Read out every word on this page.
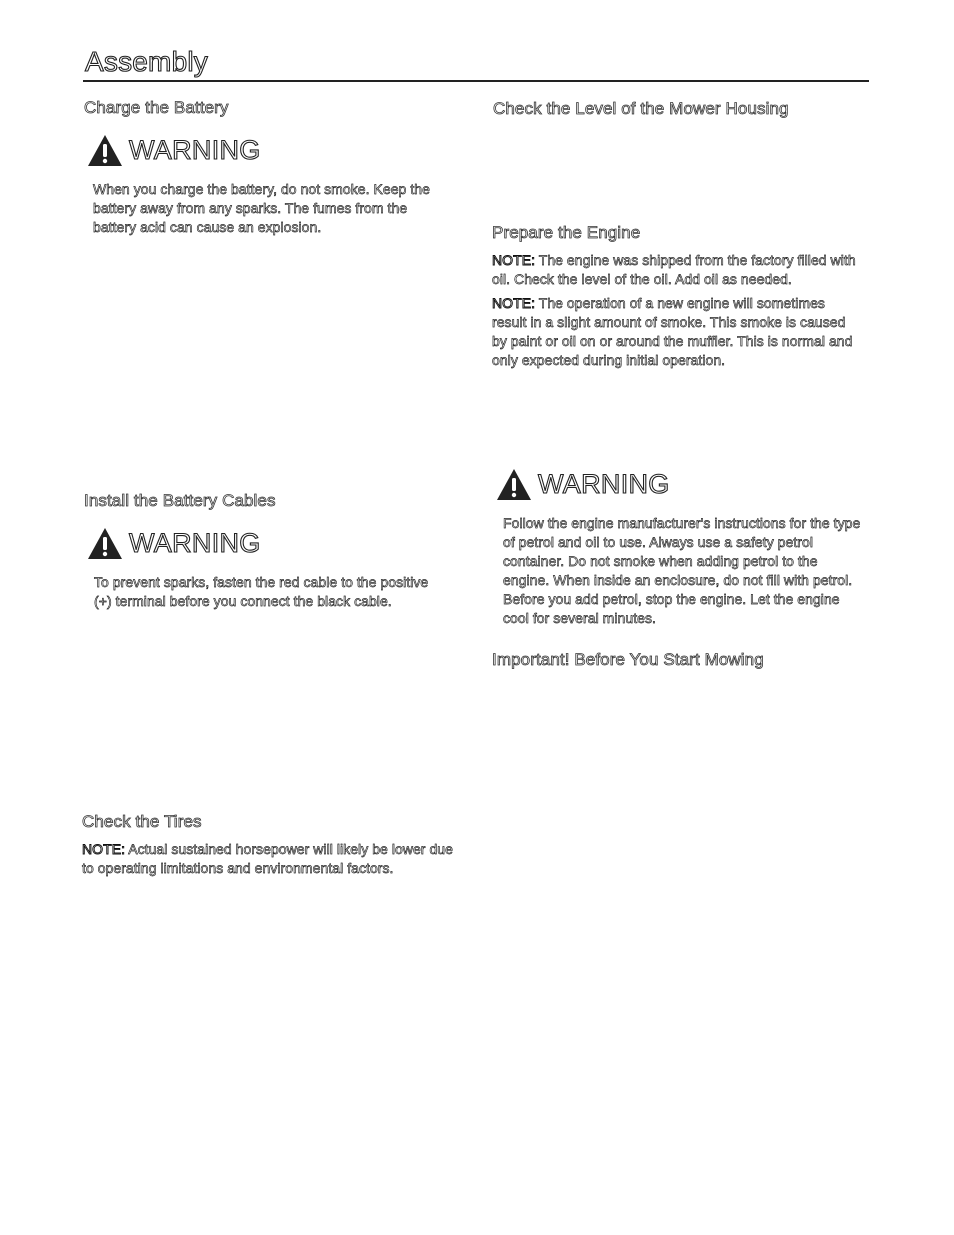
Assembly
Charge the Battery
WARNING
When you charge the battery, do not smoke. Keep the battery away from any sparks. The fumes from the battery acid can cause an explosion.
Install the Battery Cables
WARNING
To prevent sparks, fasten the red cable to the positive (+) terminal before you connect the black cable.
Check the Tires
NOTE: Actual sustained horsepower will likely be lower due to operating limitations and environmental factors.
Check the Level of the Mower Housing
Prepare the Engine
NOTE: The engine was shipped from the factory filled with oil. Check the level of the oil. Add oil as needed.
NOTE: The operation of a new engine will sometimes result in a slight amount of smoke. This smoke is caused by paint or oil on or around the muffler. This is normal and only expected during initial operation.
WARNING
Follow the engine manufacturer's instructions for the type of petrol and oil to use. Always use a safety petrol container. Do not smoke when adding petrol to the engine. When inside an enclosure, do not fill with petrol. Before you add petrol, stop the engine. Let the engine cool for several minutes.
Important! Before You Start Mowing
